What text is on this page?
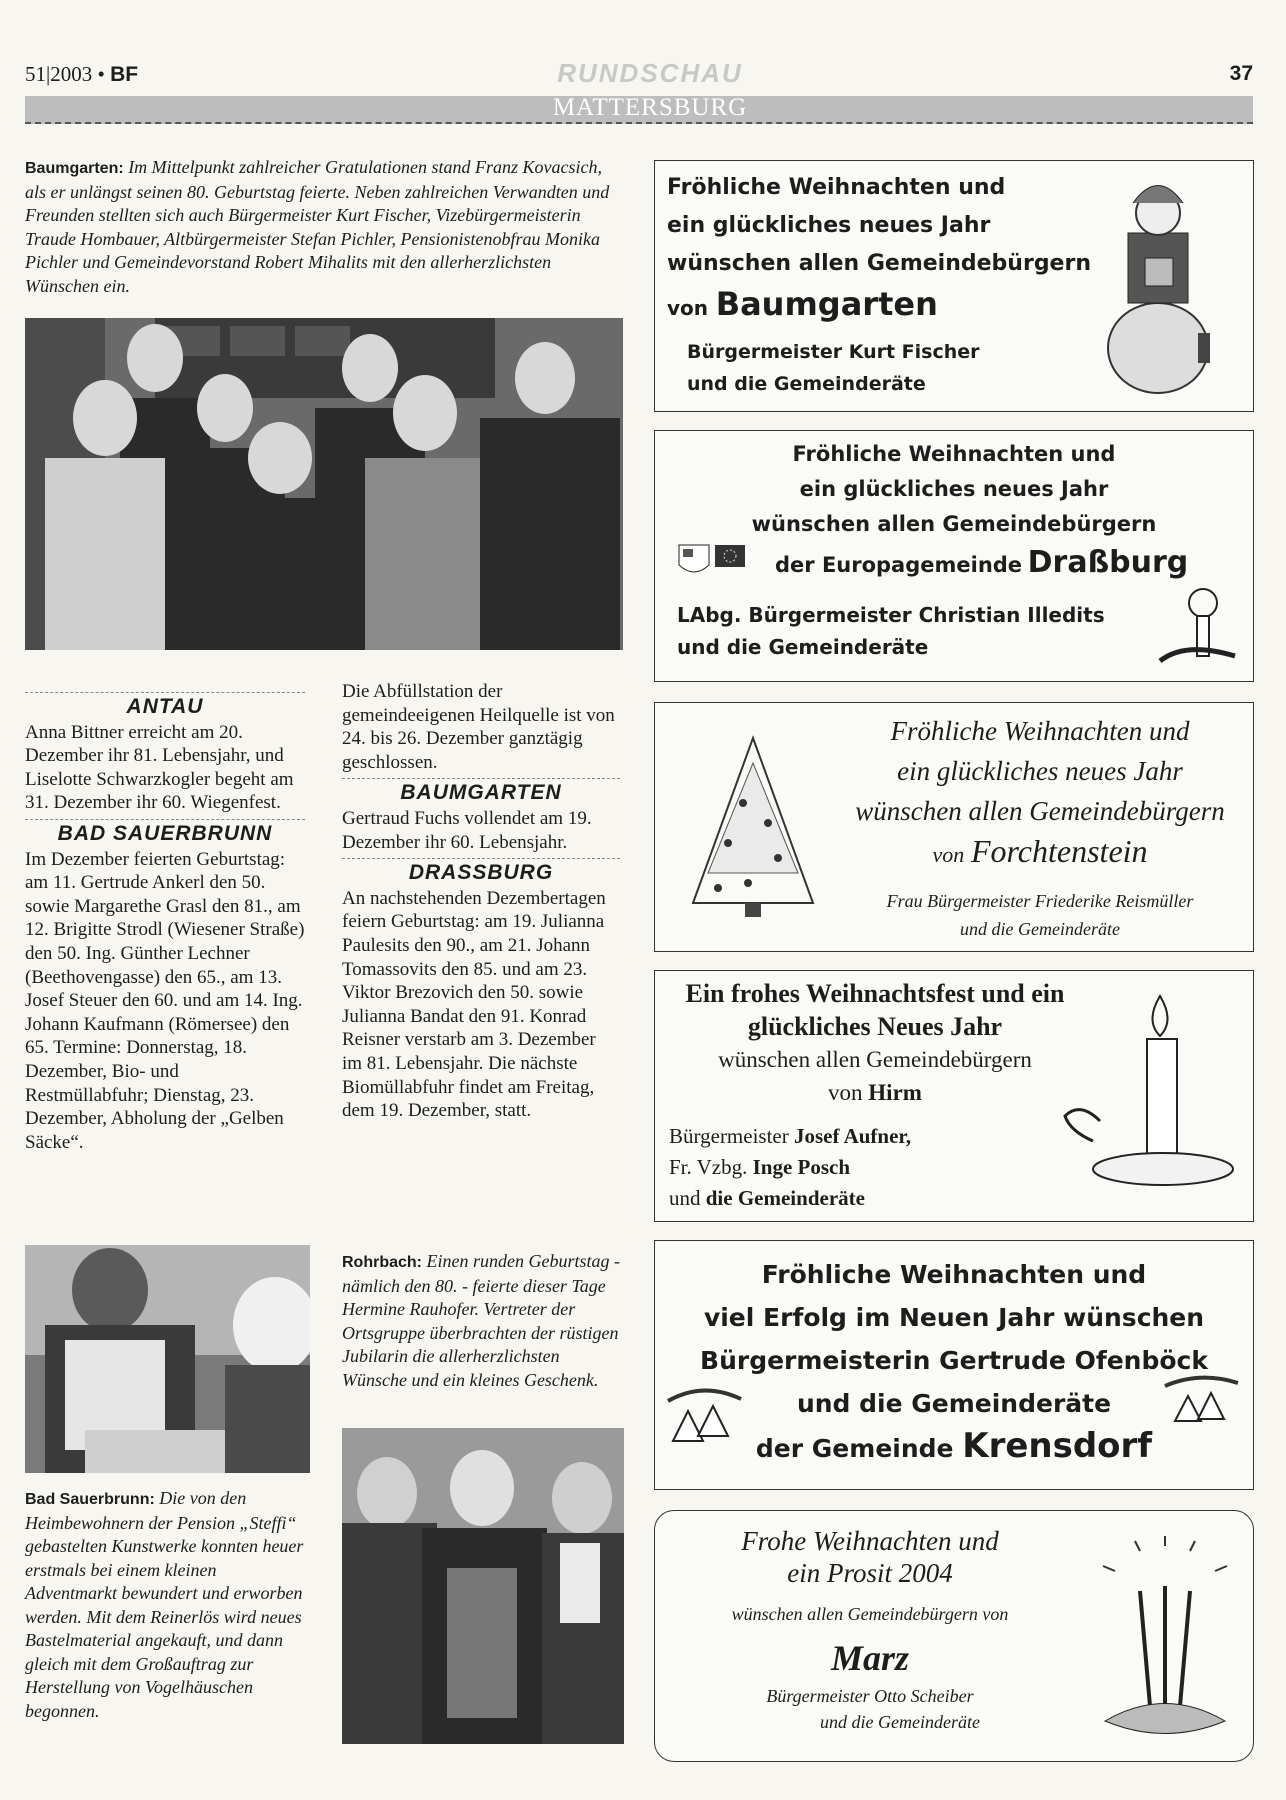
51|2003 • BF	RUNDSCHAU	37
MATTERSBURG
Baumgarten: Im Mittelpunkt zahlreicher Gratulationen stand Franz Kovacsich, als er unlängst seinen 80. Geburtstag feierte. Neben zahlreichen Verwandten und Freunden stellten sich auch Bürgermeister Kurt Fischer, Vizebürgermeisterin Traude Hombauer, Altbürgermeister Stefan Pichler, Pensionistenobfrau Monika Pichler und Gemeindevorstand Robert Mihalits mit den allerherzlichsten Wünschen ein.
ANTAU
Anna Bittner erreicht am 20. Dezember ihr 81. Lebensjahr, und Liselotte Schwarzkogler begeht am 31. Dezember ihr 60. Wiegenfest.
BAD SAUERBRUNN
Im Dezember feierten Geburtstag: am 11. Gertrude Ankerl den 50. sowie Margarethe Grasl den 81., am 12. Brigitte Strodl (Wiesener Straße) den 50. Ing. Günther Lechner (Beethovengasse) den 65., am 13. Josef Steuer den 60. und am 14. Ing. Johann Kaufmann (Römersee) den 65. Termine: Donnerstag, 18. Dezember, Bio- und Restmüllabfuhr; Dienstag, 23. Dezember, Abholung der „Gelben Säcke“.
Bad Sauerbrunn: Die von den Heimbewohnern der Pension „Steffi“ gebastelten Kunstwerke konnten heuer erstmals bei einem kleinen Adventmarkt bewundert und erworben werden. Mit dem Reinerlös wird neues Bastelmaterial angekauft, und dann gleich mit dem Großauftrag zur Herstellung von Vogelhäuschen begonnen.
Die Abfüllstation der gemeindeeigenen Heilquelle ist von 24. bis 26. Dezember ganztägig geschlossen.
BAUMGARTEN
Gertraud Fuchs vollendet am 19. Dezember ihr 60. Lebensjahr.
DRASSBURG
An nachstehenden Dezembertagen feiern Geburtstag: am 19. Julianna Paulesits den 90., am 21. Johann Tomassovits den 85. und am 23. Viktor Brezovich den 50. sowie Julianna Bandat den 91. Konrad Reisner verstarb am 3. Dezember im 81. Lebensjahr. Die nächste Biomüllabfuhr findet am Freitag, dem 19. Dezember, statt.
Rohrbach: Einen runden Geburtstag - nämlich den 80. - feierte dieser Tage Hermine Rauhofer. Vertreter der Ortsgruppe überbrachten der rüstigen Jubilarin die allerherzlichsten Wünsche und ein kleines Geschenk.
Fröhliche Weihnachten und
ein glückliches neues Jahr
wünschen allen Gemeindebürgern
von Baumgarten
Bürgermeister Kurt Fischer
und die Gemeinderäte
Fröhliche Weihnachten und
ein glückliches neues Jahr
wünschen allen Gemeindebürgern
der Europagemeinde Draßburg
LAbg. Bürgermeister Christian Illedits
und die Gemeinderäte
Fröhliche Weihnachten und
ein glückliches neues Jahr
wünschen allen Gemeindebürgern
von Forchtenstein
Frau Bürgermeister Friederike Reismüller
und die Gemeinderäte
Ein frohes Weihnachtsfest und ein
glückliches Neues Jahr
wünschen allen Gemeindebürgern
von Hirm
Bürgermeister Josef Aufner,
Fr. Vzbg. Inge Posch
und die Gemeinderäte
Fröhliche Weihnachten und
viel Erfolg im Neuen Jahr wünschen
Bürgermeisterin Gertrude Ofenböck
und die Gemeinderäte
der Gemeinde Krensdorf
Frohe Weihnachten und
ein Prosit 2004
wünschen allen Gemeindebürgern von
Marz
Bürgermeister Otto Scheiber
und die Gemeinderäte
